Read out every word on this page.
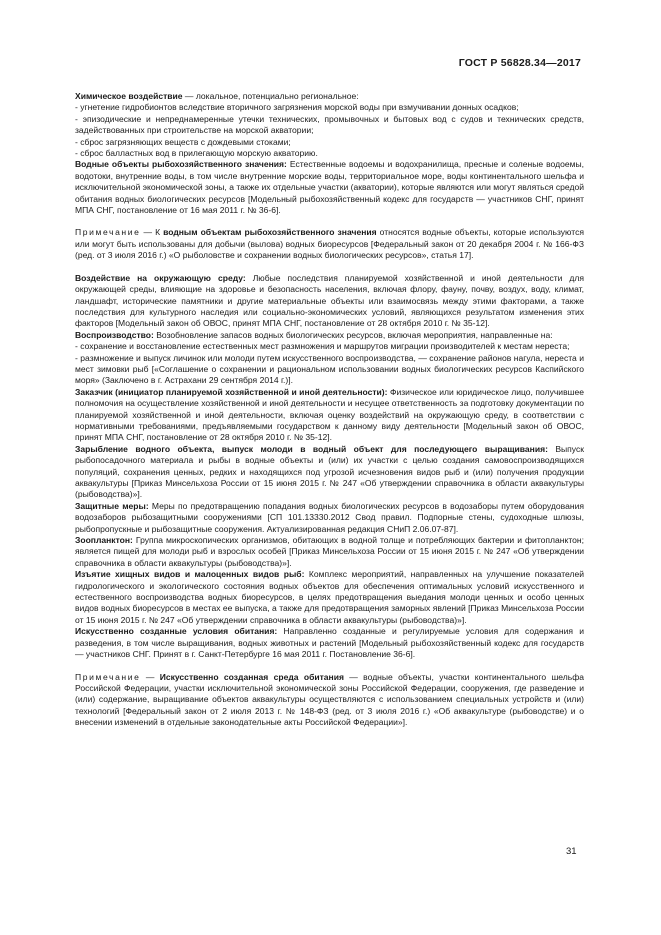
ГОСТ Р 56828.34—2017

Химическое воздействие — локальное, потенциально региональное:

- угнетение гидробионтов вследствие вторичного загрязнения морской воды при взмучивании донных осадков;

- эпизодические и непреднамеренные утечки технических, промывочных и бытовых вод с судов и технических средств, задействованных при строительстве на морской акватории;

- сброс загрязняющих веществ с дождевыми стоками;

- сброс балластных вод в прилегающую морскую акваторию.

Водные объекты рыбохозяйственного значения: Естественные водоемы и водохранилища, пресные и соленые водоемы, водотоки, внутренние воды, в том числе внутренние морские воды, территориальное море, воды континентального шельфа и исключительной экономической зоны, а также их отдельные участки (акватории), которые являются или могут являться средой обитания водных биологических ресурсов [Модельный рыбохозяйственный кодекс для государств — участников СНГ, принят МПА СНГ, постановление от 16 мая 2011 г. № 36-6].

Примечание — К водным объектам рыбохозяйственного значения относятся водные объекты, которые используются или могут быть использованы для добычи (вылова) водных биоресурсов [Федеральный закон от 20 декабря 2004 г. № 166-ФЗ (ред. от 3 июля 2016 г.) «О рыболовстве и сохранении водных биологических ресурсов», статья 17].

Воздействие на окружающую среду: Любые последствия планируемой хозяйственной и иной деятельности для окружающей среды, влияющие на здоровье и безопасность населения, включая флору, фауну, почву, воздух, воду, климат, ландшафт, исторические памятники и другие материальные объекты или взаимосвязь между этими факторами, а также последствия для культурного наследия или социально-экономических условий, являющихся результатом изменения этих факторов [Модельный закон об ОВОС, принят МПА СНГ, постановление от 28 октября 2010 г. № 35-12].

Воспроизводство: Возобновление запасов водных биологических ресурсов, включая мероприятия, направленные на:

- сохранение и восстановление естественных мест размножения и маршрутов миграции производителей к местам нереста;

- размножение и выпуск личинок или молоди путем искусственного воспроизводства, — сохранение районов нагула, нереста и мест зимовки рыб [«Соглашение о сохранении и рациональном использовании водных биологических ресурсов Каспийского моря» (Заключено в г. Астрахани 29 сентября 2014 г.)].

Заказчик (инициатор планируемой хозяйственной и иной деятельности): Физическое или юридическое лицо, получившее полномочия на осуществление хозяйственной и иной деятельности и несущее ответственность за подготовку документации по планируемой хозяйственной и иной деятельности, включая оценку воздействий на окружающую среду, в соответствии с нормативными требованиями, предъявляемыми государством к данному виду деятельности [Модельный закон об ОВОС, принят МПА СНГ, постановление от 28 октября 2010 г. № 35-12].

Зарыбление водного объекта, выпуск молоди в водный объект для последующего выращивания: Выпуск рыбопосадочного материала и рыбы в водные объекты и (или) их участки с целью создания самовоспроизводящихся популяций, сохранения ценных, редких и находящихся под угрозой исчезновения видов рыб и (или) получения продукции аквакультуры [Приказ Минсельхоза России от 15 июня 2015 г. № 247 «Об утверждении справочника в области аквакультуры (рыбоводства)»].

Защитные меры: Меры по предотвращению попадания водных биологических ресурсов в водозаборы путем оборудования водозаборов рыбозащитными сооружениями [СП 101.13330.2012 Свод правил. Подпорные стены, судоходные шлюзы, рыбопропускные и рыбозащитные сооружения. Актуализированная редакция СНиП 2.06.07-87].

Зоопланктон: Группа микроскопических организмов, обитающих в водной толще и потребляющих бактерии и фитопланктон; является пищей для молоди рыб и взрослых особей [Приказ Минсельхоза России от 15 июня 2015 г. № 247 «Об утверждении справочника в области аквакультуры (рыбоводства)»].

Изъятие хищных видов и малоценных видов рыб: Комплекс мероприятий, направленных на улучшение показателей гидрологического и экологического состояния водных объектов для обеспечения оптимальных условий искусственного и естественного воспроизводства водных биоресурсов, в целях предотвращения выедания молоди ценных и особо ценных видов водных биоресурсов в местах ее выпуска, а также для предотвращения заморных явлений [Приказ Минсельхоза России от 15 июня 2015 г. № 247 «Об утверждении справочника в области аквакультуры (рыбоводства)»].

Искусственно созданные условия обитания: Направленно созданные и регулируемые условия для содержания и разведения, в том числе выращивания, водных животных и растений [Модельный рыбохозяйственный кодекс для государств — участников СНГ. Принят в г. Санкт-Петербурге 16 мая 2011 г. Постановление 36-6].

Примечание — Искусственно созданная среда обитания — водные объекты, участки континентального шельфа Российской Федерации, участки исключительной экономической зоны Российской Федерации, сооружения, где разведение и (или) содержание, выращивание объектов аквакультуры осуществляются с использованием специальных устройств и (или) технологий [Федеральный закон от 2 июля 2013 г. № 148-ФЗ (ред. от 3 июля 2016 г.) «Об аквакультуре (рыбоводстве) и о внесении изменений в отдельные законодательные акты Российской Федерации»].

31
